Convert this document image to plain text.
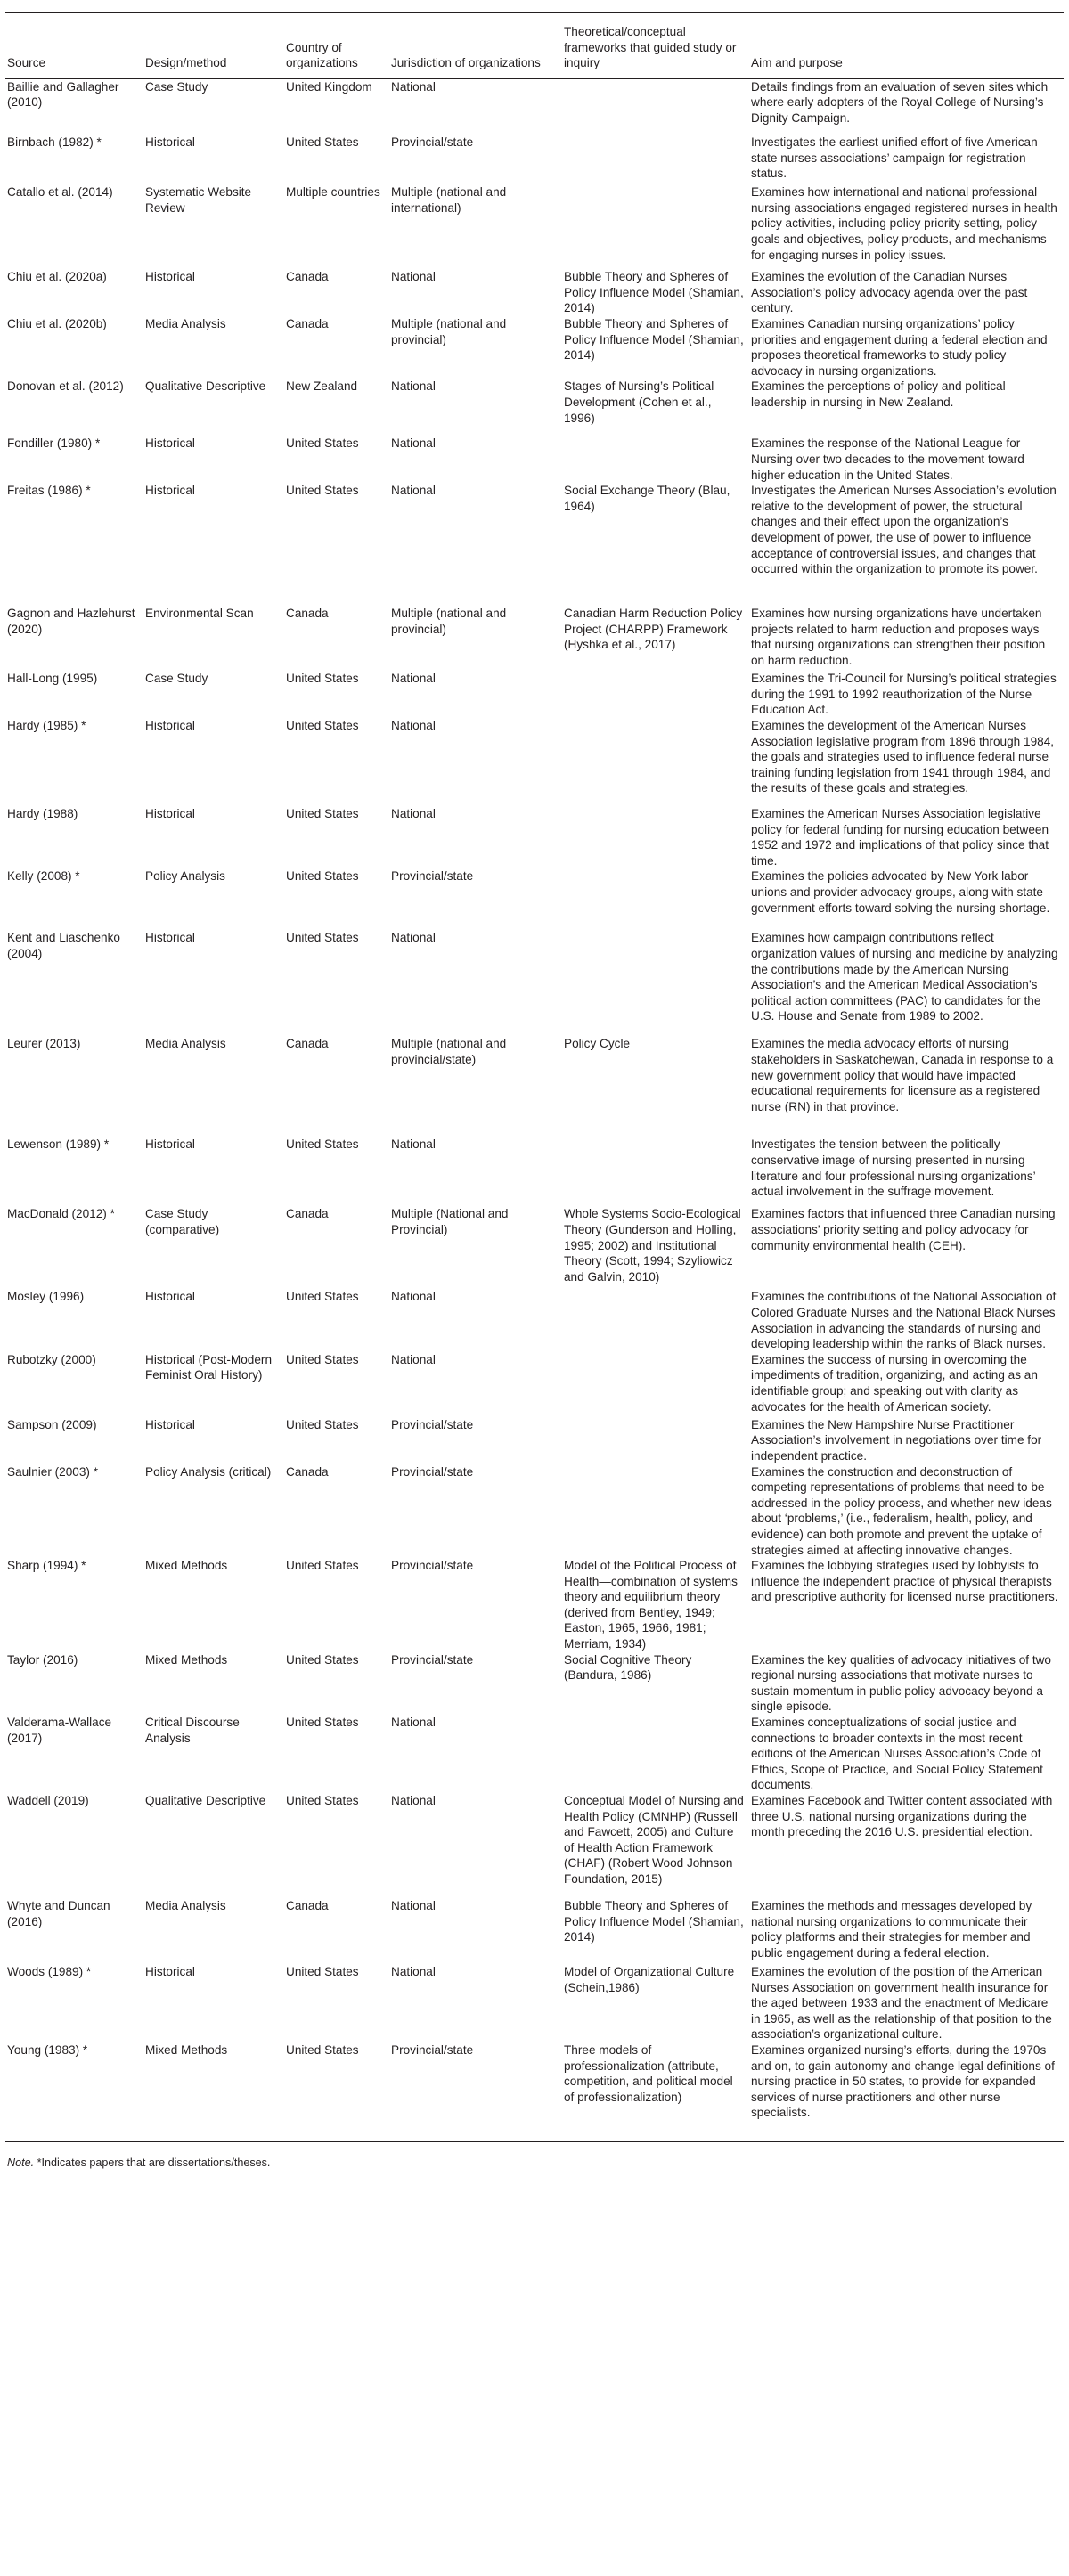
Source	Design/method	Country of organizations	Jurisdiction of organizations	Theoretical/conceptual frameworks that guided study or inquiry	Aim and purpose
Baillie and Gallagher (2010)	Case Study	United Kingdom	National		Details findings from an evaluation of seven sites which where early adopters of the Royal College of Nursing’s Dignity Campaign.
Birnbach (1982) *	Historical	United States	Provincial/state		Investigates the earliest unified effort of five American state nurses associations’ campaign for registration status.
Catallo et al. (2014)	Systematic Website Review	Multiple countries	Multiple (national and international)		Examines how international and national professional nursing associations engaged registered nurses in health policy activities, including policy priority setting, policy goals and objectives, policy products, and mechanisms for engaging nurses in policy issues.
Chiu et al. (2020a)	Historical	Canada	National	Bubble Theory and Spheres of Policy Influence Model (Shamian, 2014)	Examines the evolution of the Canadian Nurses Association’s policy advocacy agenda over the past century.
Chiu et al. (2020b)	Media Analysis	Canada	Multiple (national and provincial)	Bubble Theory and Spheres of Policy Influence Model (Shamian, 2014)	Examines Canadian nursing organizations’ policy priorities and engagement during a federal election and proposes theoretical frameworks to study policy advocacy in nursing organizations.
Donovan et al. (2012)	Qualitative Descriptive	New Zealand	National	Stages of Nursing’s Political Development (Cohen et al., 1996)	Examines the perceptions of policy and political leadership in nursing in New Zealand.
Fondiller (1980) *	Historical	United States	National		Examines the response of the National League for Nursing over two decades to the movement toward higher education in the United States.
Freitas (1986) *	Historical	United States	National	Social Exchange Theory (Blau, 1964)	Investigates the American Nurses Association’s evolution relative to the development of power, the structural changes and their effect upon the organization’s development of power, the use of power to influence acceptance of controversial issues, and changes that occurred within the organization to promote its power.
Gagnon and Hazlehurst (2020)	Environmental Scan	Canada	Multiple (national and provincial)	Canadian Harm Reduction Policy Project (CHARPP) Framework (Hyshka et al., 2017)	Examines how nursing organizations have undertaken projects related to harm reduction and proposes ways that nursing organizations can strengthen their position on harm reduction.
Hall-Long (1995)	Case Study	United States	National		Examines the Tri-Council for Nursing’s political strategies during the 1991 to 1992 reauthorization of the Nurse Education Act.
Hardy (1985) *	Historical	United States	National		Examines the development of the American Nurses Association legislative program from 1896 through 1984, the goals and strategies used to influence federal nurse training funding legislation from 1941 through 1984, and the results of these goals and strategies.
Hardy (1988)	Historical	United States	National		Examines the American Nurses Association legislative policy for federal funding for nursing education between 1952 and 1972 and implications of that policy since that time.
Kelly (2008) *	Policy Analysis	United States	Provincial/state		Examines the policies advocated by New York labor unions and provider advocacy groups, along with state government efforts toward solving the nursing shortage.
Kent and Liaschenko (2004)	Historical	United States	National		Examines how campaign contributions reflect organization values of nursing and medicine by analyzing the contributions made by the American Nursing Association’s and the American Medical Association’s political action committees (PAC) to candidates for the U.S. House and Senate from 1989 to 2002.
Leurer (2013)	Media Analysis	Canada	Multiple (national and provincial/state)	Policy Cycle	Examines the media advocacy efforts of nursing stakeholders in Saskatchewan, Canada in response to a new government policy that would have impacted educational requirements for licensure as a registered nurse (RN) in that province.
Lewenson (1989) *	Historical	United States	National		Investigates the tension between the politically conservative image of nursing presented in nursing literature and four professional nursing organizations’ actual involvement in the suffrage movement.
MacDonald (2012) *	Case Study (comparative)	Canada	Multiple (National and Provincial)	Whole Systems Socio-Ecological Theory (Gunderson and Holling, 1995; 2002) and Institutional Theory (Scott, 1994; Szyliowicz and Galvin, 2010)	Examines factors that influenced three Canadian nursing associations’ priority setting and policy advocacy for community environmental health (CEH).
Mosley (1996)	Historical	United States	National		Examines the contributions of the National Association of Colored Graduate Nurses and the National Black Nurses Association in advancing the standards of nursing and developing leadership within the ranks of Black nurses.
Rubotzky (2000)	Historical (Post-Modern Feminist Oral History)	United States	National		Examines the success of nursing in overcoming the impediments of tradition, organizing, and acting as an identifiable group; and speaking out with clarity as advocates for the health of American society.
Sampson (2009)	Historical	United States	Provincial/state		Examines the New Hampshire Nurse Practitioner Association’s involvement in negotiations over time for independent practice.
Saulnier (2003) *	Policy Analysis (critical)	Canada	Provincial/state		Examines the construction and deconstruction of competing representations of problems that need to be addressed in the policy process, and whether new ideas about ‘problems,’ (i.e., federalism, health, policy, and evidence) can both promote and prevent the uptake of strategies aimed at affecting innovative changes.
Sharp (1994) *	Mixed Methods	United States	Provincial/state	Model of the Political Process of Health—combination of systems theory and equilibrium theory (derived from Bentley, 1949; Easton, 1965, 1966, 1981; Merriam, 1934)	Examines the lobbying strategies used by lobbyists to influence the independent practice of physical therapists and prescriptive authority for licensed nurse practitioners.
Taylor (2016)	Mixed Methods	United States	Provincial/state	Social Cognitive Theory (Bandura, 1986)	Examines the key qualities of advocacy initiatives of two regional nursing associations that motivate nurses to sustain momentum in public policy advocacy beyond a single episode.
Valderama-Wallace (2017)	Critical Discourse Analysis	United States	National		Examines conceptualizations of social justice and connections to broader contexts in the most recent editions of the American Nurses Association’s Code of Ethics, Scope of Practice, and Social Policy Statement documents.
Waddell (2019)	Qualitative Descriptive	United States	National	Conceptual Model of Nursing and Health Policy (CMNHP) (Russell and Fawcett, 2005) and Culture of Health Action Framework (CHAF) (Robert Wood Johnson Foundation, 2015)	Examines Facebook and Twitter content associated with three U.S. national nursing organizations during the month preceding the 2016 U.S. presidential election.
Whyte and Duncan (2016)	Media Analysis	Canada	National	Bubble Theory and Spheres of Policy Influence Model (Shamian, 2014)	Examines the methods and messages developed by national nursing organizations to communicate their policy platforms and their strategies for member and public engagement during a federal election.
Woods (1989) *	Historical	United States	National	Model of Organizational Culture (Schein,1986)	Examines the evolution of the position of the American Nurses Association on government health insurance for the aged between 1933 and the enactment of Medicare in 1965, as well as the relationship of that position to the association’s organizational culture.
Young (1983) *	Mixed Methods	United States	Provincial/state	Three models of professionalization (attribute, competition, and political model of professionalization)	Examines organized nursing’s efforts, during the 1970s and on, to gain autonomy and change legal definitions of nursing practice in 50 states, to provide for expanded services of nurse practitioners and other nurse specialists.
Note. *Indicates papers that are dissertations/theses.
